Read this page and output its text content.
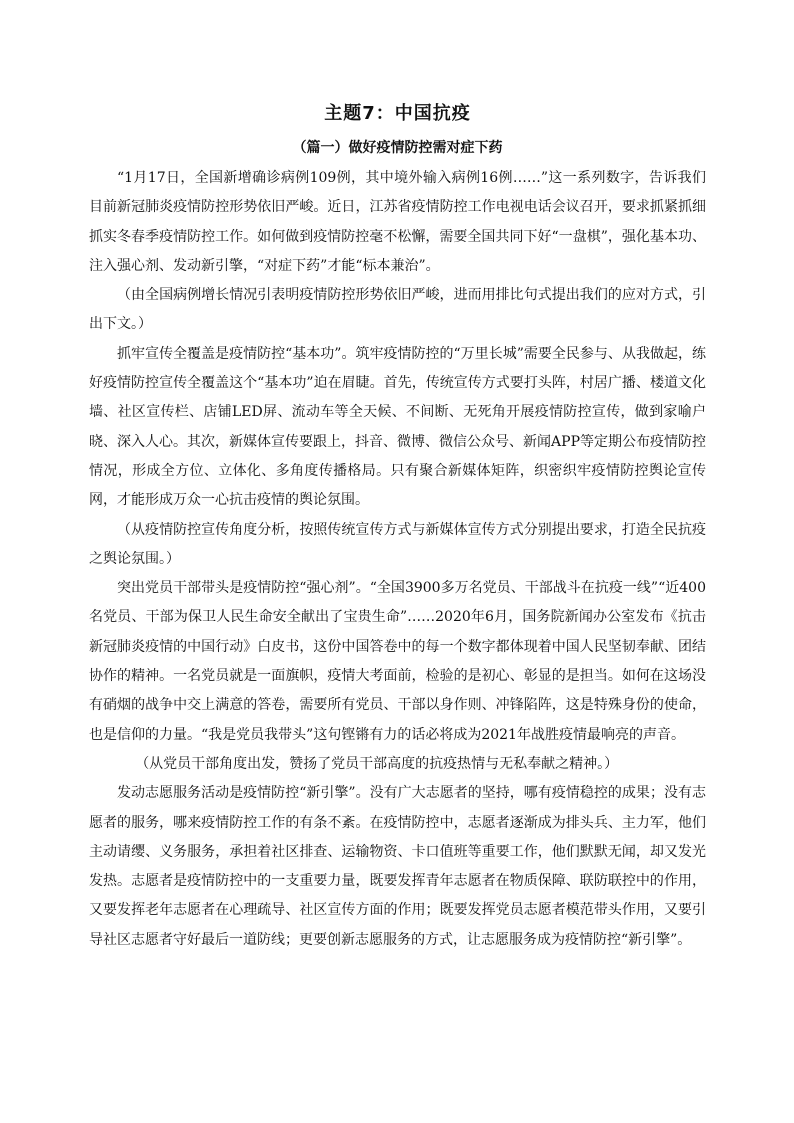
主题7：中国抗疫
（篇一）做好疫情防控需对症下药

“1月17日，全国新增确诊病例109例，其中境外输入病例16例……”这一系列数字，告诉我们目前新冠肺炎疫情防控形势依旧严峻。近日，江苏省疫情防控工作电视电话会议召开，要求抓紧抓细抓实冬春季疫情防控工作。如何做到疫情防控毫不松懈，需要全国共同下好“一盘棋”，强化基本功、注入强心剂、发动新引擎，“对症下药”才能“标本兼治”。

（由全国病例增长情况引表明疫情防控形势依旧严峻，进而用排比句式提出我们的应对方式，引出下文。）

抓牢宣传全覆盖是疫情防控“基本功”。筑牢疫情防控的“万里长城”需要全民参与、从我做起，练好疫情防控宣传全覆盖这个“基本功”迫在眉睫。首先，传统宣传方式要打头阵，村居广播、楼道文化墙、社区宣传栏、店铺LED屏、流动车等全天候、不间断、无死角开展疫情防控宣传，做到家喻户晓、深入人心。其次，新媒体宣传要跟上，抖音、微博、微信公众号、新闻APP等定期公布疫情防控情况，形成全方位、立体化、多角度传播格局。只有聚合新媒体矩阵，织密织牢疫情防控舆论宣传网，才能形成万众一心抗击疫情的舆论氛围。

（从疫情防控宣传角度分析，按照传统宣传方式与新媒体宣传方式分别提出要求，打造全民抗疫之舆论氛围。）

突出党员干部带头是疫情防控“强心剂”。“全国3900多万名党员、干部战斗在抗疫一线”“近400名党员、干部为保卫人民生命安全献出了宝贵生命”……2020年6月，国务院新闻办公室发布《抗击新冠肺炎疫情的中国行动》白皮书，这份中国答卷中的每一个数字都体现着中国人民坚韧奉献、团结协作的精神。一名党员就是一面旗帜，疫情大考面前，检验的是初心、彰显的是担当。如何在这场没有硝烟的战争中交上满意的答卷，需要所有党员、干部以身作则、冲锋陷阵，这是特殊身份的使命，也是信仰的力量。“我是党员我带头”这句铿锵有力的话必将成为2021年战胜疫情最响亮的声音。

（从党员干部角度出发，赞扬了党员干部高度的抗疫热情与无私奉献之精神。）

发动志愿服务活动是疫情防控“新引擎”。没有广大志愿者的坚持，哪有疫情稳控的成果；没有志愿者的服务，哪来疫情防控工作的有条不紊。在疫情防控中，志愿者逐渐成为排头兵、主力军，他们主动请缨、义务服务，承担着社区排查、运输物资、卡口值班等重要工作，他们默默无闻，却又发光发热。志愿者是疫情防控中的一支重要力量，既要发挥青年志愿者在物质保障、联防联控中的作用，又要发挥老年志愿者在心理疏导、社区宣传方面的作用；既要发挥党员志愿者模范带头作用，又要引导社区志愿者守好最后一道防线；更要创新志愿服务的方式，让志愿服务成为疫情防控“新引擎”。
